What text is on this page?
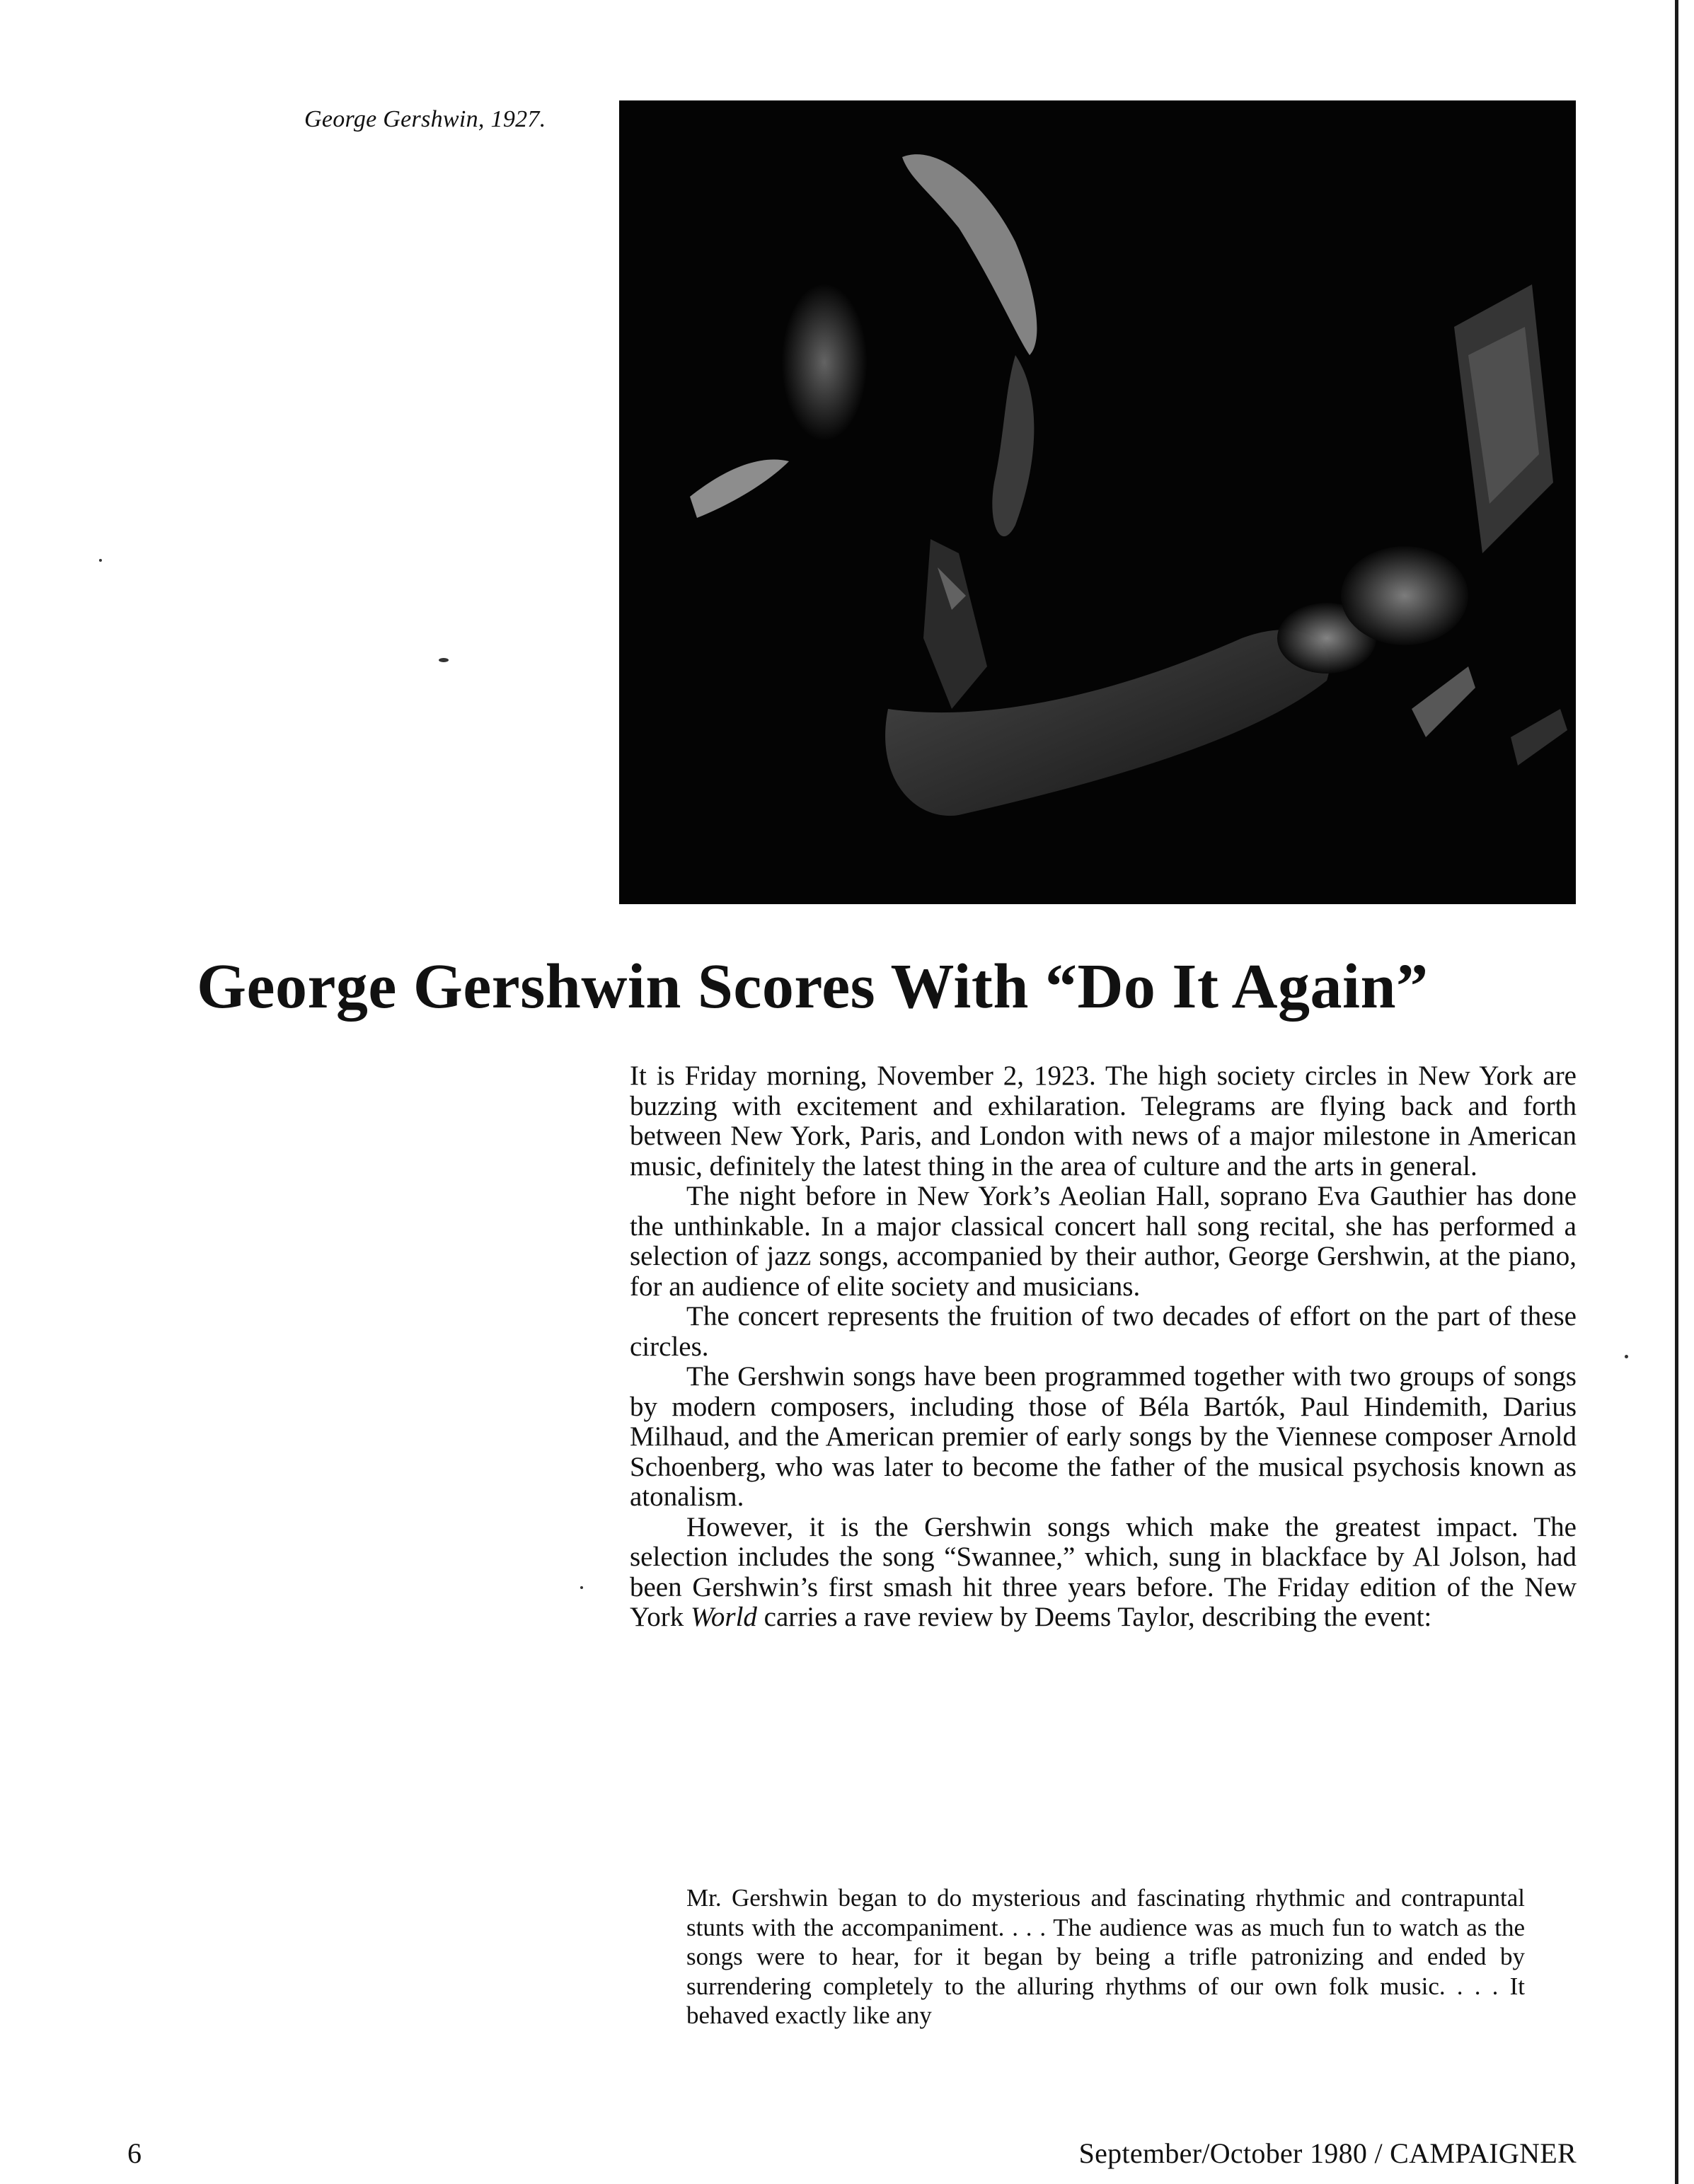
George Gershwin, 1927.
George Gershwin Scores With “Do It Again”

It is Friday morning, November 2, 1923. The high society circles in New York are buzzing with excitement and exhilaration. Telegrams are flying back and forth between New York, Paris, and London with news of a major milestone in American music, definitely the latest thing in the area of culture and the arts in general.

The night before in New York’s Aeolian Hall, soprano Eva Gauthier has done the unthinkable. In a major classical concert hall song recital, she has performed a selection of jazz songs, accompanied by their author, George Gershwin, at the piano, for an audience of elite society and musicians.

The concert represents the fruition of two decades of effort on the part of these circles.

The Gershwin songs have been programmed together with two groups of songs by modern composers, including those of Béla Bartók, Paul Hindemith, Darius Milhaud, and the American premier of early songs by the Viennese composer Arnold Schoenberg, who was later to become the father of the musical psychosis known as atonalism.

However, it is the Gershwin songs which make the greatest impact. The selection includes the song “Swannee,” which, sung in blackface by Al Jolson, had been Gershwin’s first smash hit three years before. The Friday edition of the New York World carries a rave review by Deems Taylor, describing the event:

Mr. Gershwin began to do mysterious and fascinating rhythmic and contrapuntal stunts with the accompaniment. . . . The audience was as much fun to watch as the songs were to hear, for it began by being a trifle patronizing and ended by surrendering completely to the alluring rhythms of our own folk music. . . . It behaved exactly like any

6	September/October 1980 / CAMPAIGNER
